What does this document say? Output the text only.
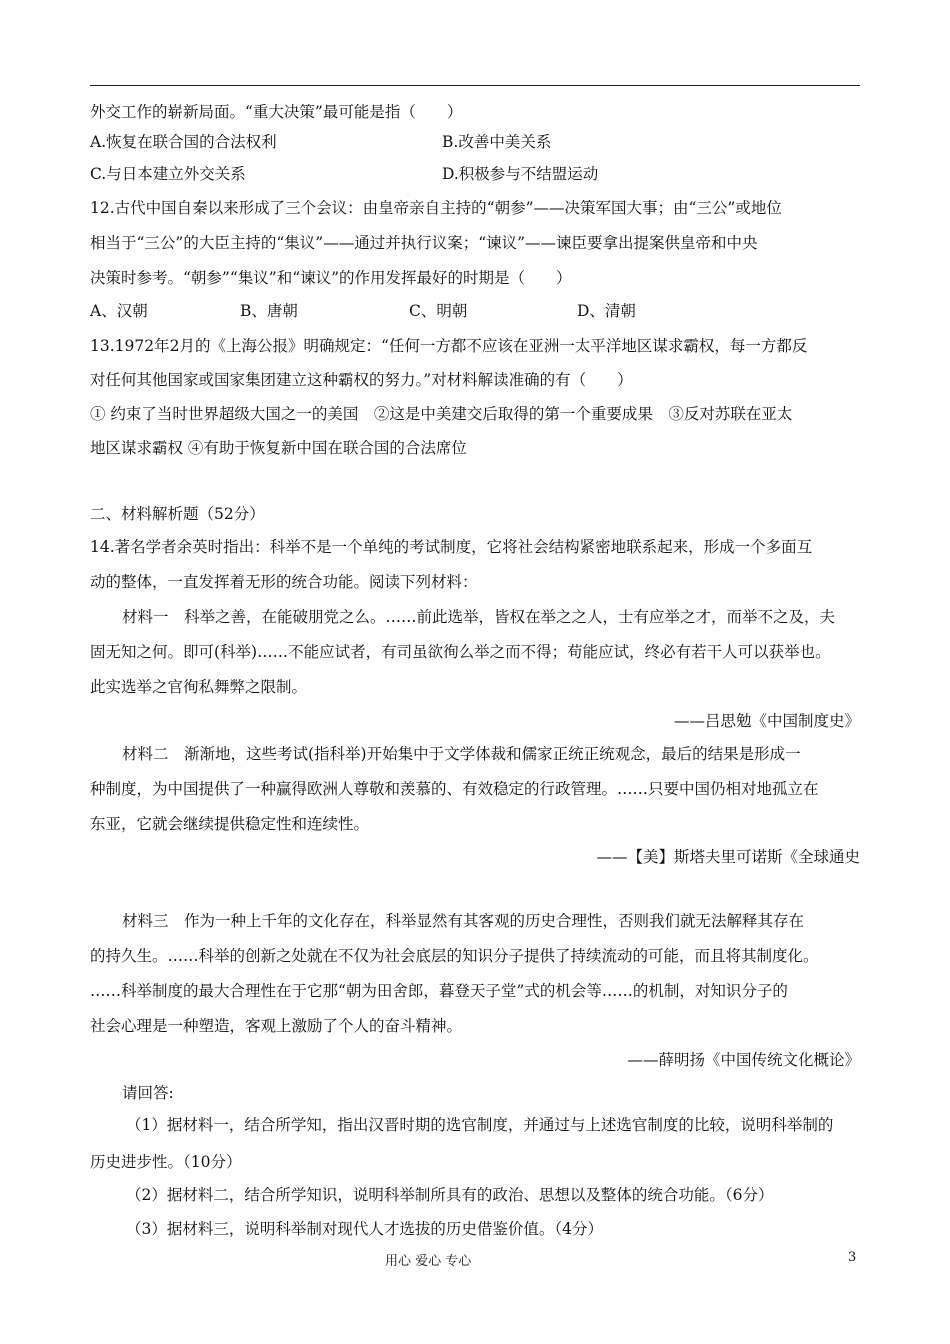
外交工作的崭新局面。“重大决策”最可能是指（　　）
A.恢复在联合国的合法权利	B.改善中美关系
C.与日本建立外交关系	D.积极参与不结盟运动
12.古代中国自秦以来形成了三个会议：由皇帝亲自主持的“朝参”——决策军国大事；由“三公”或地位
相当于“三公”的大臣主持的“集议”——通过并执行议案；“谏议”——谏臣要拿出提案供皇帝和中央
决策时参考。“朝参”“集议”和“谏议”的作用发挥最好的时期是（　　）
A、汉朝	B、唐朝	C、明朝	D、清朝
13.1972年2月的《上海公报》明确规定：“任何一方都不应该在亚洲一太平洋地区谋求霸权，每一方都反
对任何其他国家或国家集团建立这种霸权的努力。”对材料解读准确的有（　　）
① 约束了当时世界超级大国之一的美国　②这是中美建交后取得的第一个重要成果　③反对苏联在亚太
地区谋求霸权 ④有助于恢复新中国在联合国的合法席位
二、材料解析题（52分）
14.著名学者余英时指出：科举不是一个单纯的考试制度，它将社会结构紧密地联系起来，形成一个多面互
动的整体，一直发挥着无形的统合功能。阅读下列材料：
材料一　科举之善，在能破朋党之么。……前此选举，皆权在举之之人，士有应举之才，而举不之及，夫
固无知之何。即可(科举)……不能应试者，有司虽欲徇么举之而不得；苟能应试，终必有若干人可以获举也。
此实选举之官徇私舞弊之限制。
——吕思勉《中国制度史》
材料二　渐渐地，这些考试(指科举)开始集中于文学体裁和儒家正统正统观念，最后的结果是形成一
种制度，为中国提供了一种赢得欧洲人尊敬和羡慕的、有效稳定的行政管理。……只要中国仍相对地孤立在
东亚，它就会继续提供稳定性和连续性。
——【美】斯塔夫里可诺斯《全球通史
材料三　作为一种上千年的文化存在，科举显然有其客观的历史合理性，否则我们就无法解释其存在
的持久生。……科举的创新之处就在不仅为社会底层的知识分子提供了持续流动的可能，而且将其制度化。
……科举制度的最大合理性在于它那“朝为田舍郎，暮登天子堂”式的机会等……的机制，对知识分子的
社会心理是一种塑造，客观上激励了个人的奋斗精神。
——薛明扬《中国传统文化概论》
请回答:
（1）据材料一，结合所学知，指出汉晋时期的选官制度，并通过与上述选官制度的比较，说明科举制的
历史进步性。（10分）
（2）据材料二，结合所学知识，说明科举制所具有的政治、思想以及整体的统合功能。（6分）
（3）据材料三，说明科举制对现代人才选拔的历史借鉴价值。（4分）
用心 爱心 专心	3
